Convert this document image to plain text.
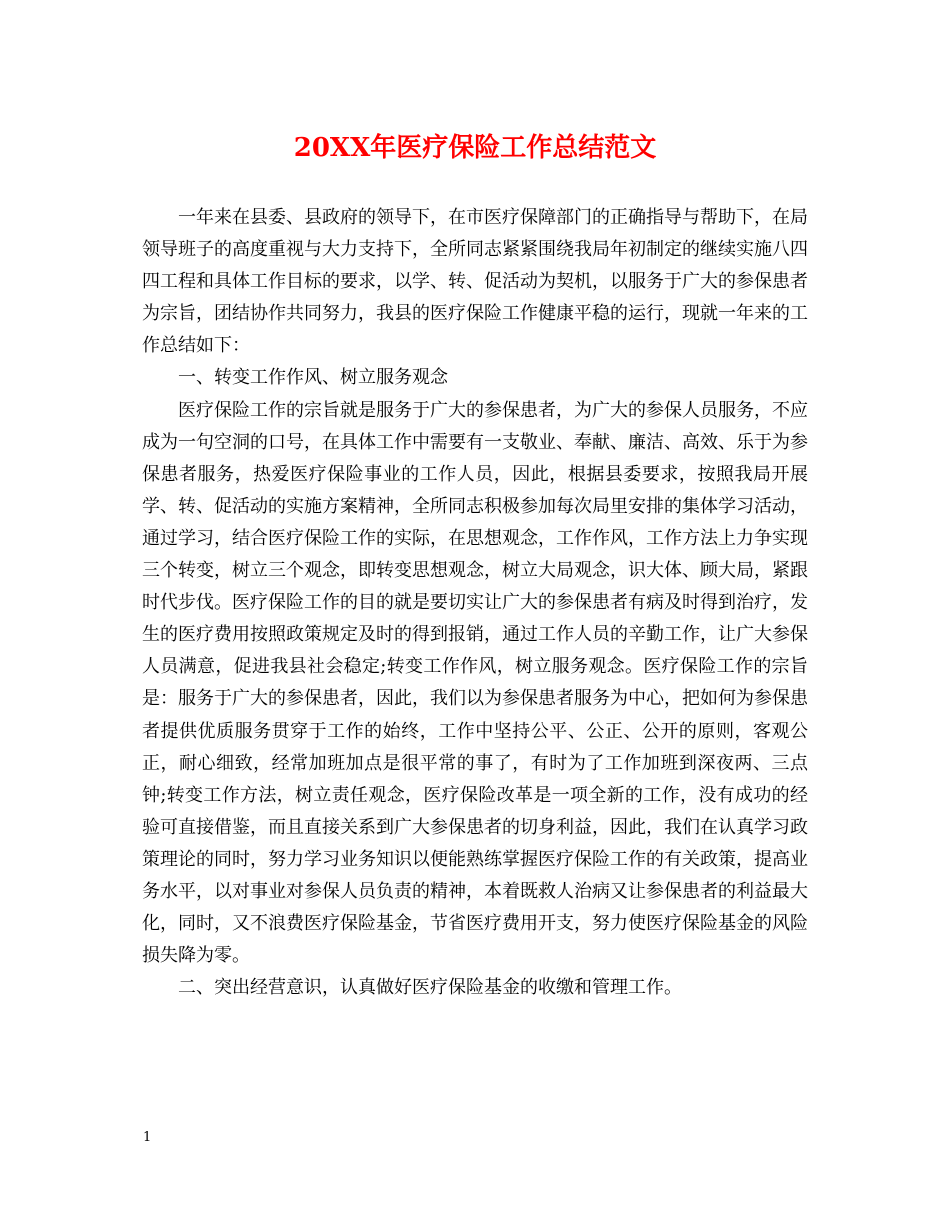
20XX年医疗保险工作总结范文

一年来在县委、县政府的领导下，在市医疗保障部门的正确指导与帮助下，在局领导班子的高度重视与大力支持下，全所同志紧紧围绕我局年初制定的继续实施八四四工程和具体工作目标的要求，以学、转、促活动为契机，以服务于广大的参保患者为宗旨，团结协作共同努力，我县的医疗保险工作健康平稳的运行，现就一年来的工作总结如下：

一、转变工作作风、树立服务观念

医疗保险工作的宗旨就是服务于广大的参保患者，为广大的参保人员服务，不应成为一句空洞的口号，在具体工作中需要有一支敬业、奉献、廉洁、高效、乐于为参保患者服务，热爱医疗保险事业的工作人员，因此，根据县委要求，按照我局开展学、转、促活动的实施方案精神，全所同志积极参加每次局里安排的集体学习活动，通过学习，结合医疗保险工作的实际，在思想观念，工作作风，工作方法上力争实现三个转变，树立三个观念，即转变思想观念，树立大局观念，识大体、顾大局，紧跟时代步伐。医疗保险工作的目的就是要切实让广大的参保患者有病及时得到治疗，发生的医疗费用按照政策规定及时的得到报销，通过工作人员的辛勤工作，让广大参保人员满意，促进我县社会稳定;转变工作作风，树立服务观念。医疗保险工作的宗旨是：服务于广大的参保患者，因此，我们以为参保患者服务为中心，把如何为参保患者提供优质服务贯穿于工作的始终，工作中坚持公平、公正、公开的原则，客观公正，耐心细致，经常加班加点是很平常的事了，有时为了工作加班到深夜两、三点钟;转变工作方法，树立责任观念，医疗保险改革是一项全新的工作，没有成功的经验可直接借鉴，而且直接关系到广大参保患者的切身利益，因此，我们在认真学习政策理论的同时，努力学习业务知识以便能熟练掌握医疗保险工作的有关政策，提高业务水平，以对事业对参保人员负责的精神，本着既救人治病又让参保患者的利益最大化，同时，又不浪费医疗保险基金，节省医疗费用开支，努力使医疗保险基金的风险损失降为零。

二、突出经营意识，认真做好医疗保险基金的收缴和管理工作。

1
